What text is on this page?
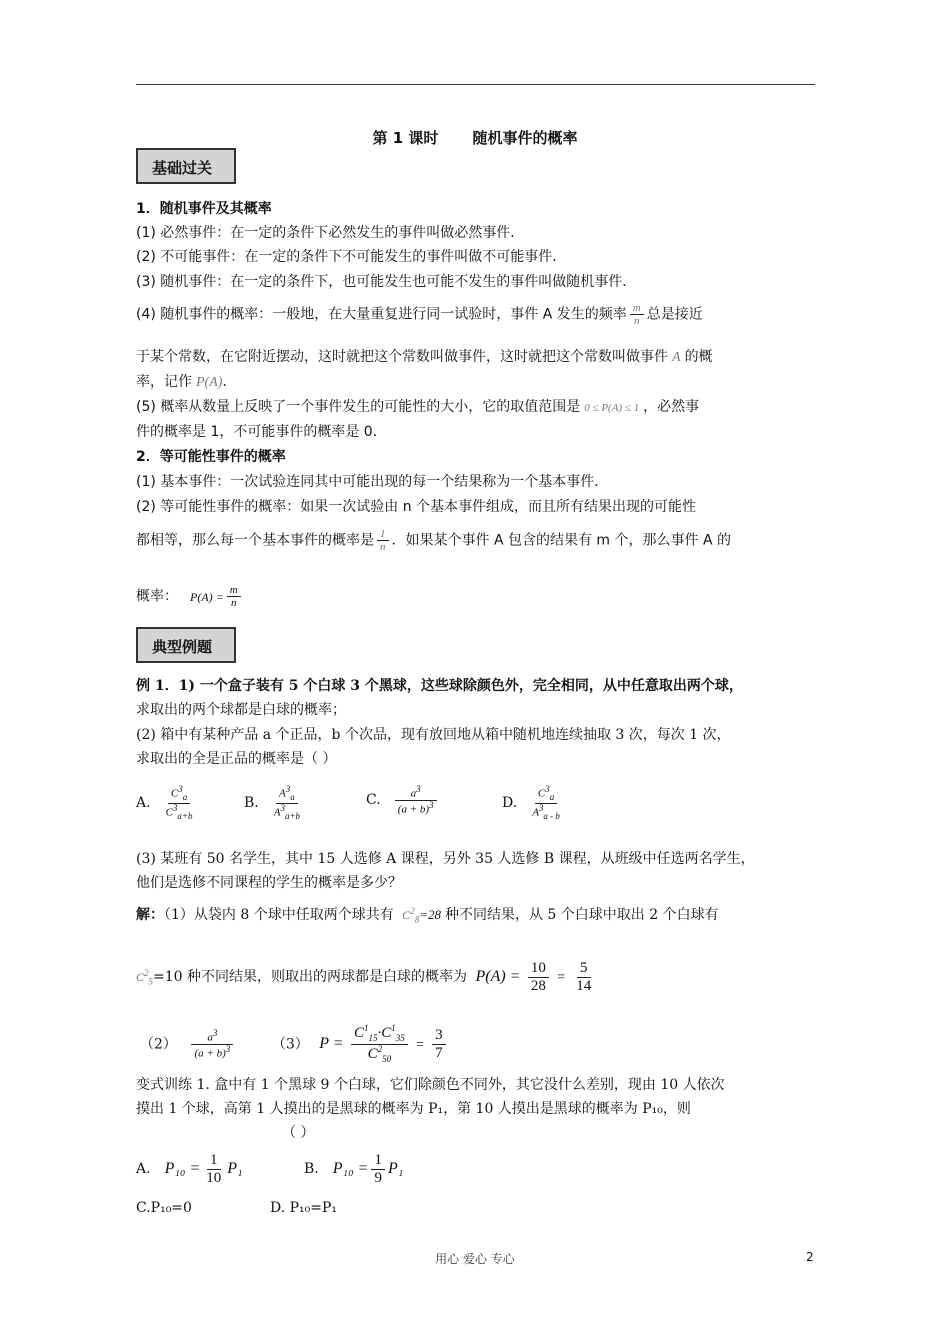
第 1 课时 随机事件的概率
基础过关
1．随机事件及其概率
(1) 必然事件：在一定的条件下必然发生的事件叫做必然事件．
(2) 不可能事件：在一定的条件下不可能发生的事件叫做不可能事件．
(3) 随机事件：在一定的条件下，也可能发生也可能不发生的事件叫做随机事件．
(4) 随机事件的概率：一般地，在大量重复进行同一试验时，事件 A 发生的频率 $\frac{m}{n}$ 总是接近
于某个常数，在它附近摆动，这时就把这个常数叫做事件，这时就把这个常数叫做事件 A 的概
率，记作 P(A)．
(5) 概率从数量上反映了一个事件发生的可能性的大小，它的取值范围是 0 ≤ P(A) ≤ 1 ，必然事
件的概率是 1，不可能事件的概率是 0．
2．等可能性事件的概率
(1) 基本事件：一次试验连同其中可能出现的每一个结果称为一个基本事件．
(2) 等可能性事件的概率：如果一次试验由 n 个基本事件组成，而且所有结果出现的可能性
都相等，那么每一个基本事件的概率是 $\frac{1}{n}$ ．如果某个事件 A 包含的结果有 m 个，那么事件 A 的
概率： $P(A) = \frac{m}{n}$
典型例题
例 1．1) 一个盒子装有 5 个白球 3 个黑球，这些球除颜色外，完全相同，从中任意取出两个球，
求取出的两个球都是白球的概率；
(2) 箱中有某种产品 a 个正品，b 个次品，现有放回地从箱中随机地连续抽取 3 次，每次 1 次，
求取出的全是正品的概率是（ ）
A. $\frac{C^3_a}{C^3_{a+b}}$	B. $\frac{A^3_a}{A^3_{a+b}}$	C. $\frac{a^3}{(a + b)^3}$	D. $\frac{C^3_a}{A^3_{a - b}}$
(3) 某班有 50 名学生，其中 15 人选修 A 课程，另外 35 人选修 B 课程，从班级中任选两名学生，
他们是选修不同课程的学生的概率是多少？
解：（1）从袋内 8 个球中任取两个球共有 $C^2_8=28$ 种不同结果，从 5 个白球中取出 2 个白球有
$C^2_5=10$ 种不同结果，则取出的两球都是白球的概率为 $P(A) = \frac{10}{28} = \frac{5}{14}$
$(2) \frac{a^3}{(a + b)^3}$	（3） $P = \frac{C^1_{15}\cdot C^1_{35}}{C^2_{50}} = \frac{3}{7}$
变式训练 1. 盒中有 1 个黑球 9 个白球，它们除颜色不同外，其它没什么差别，现由 10 人依次
摸出 1 个球，高第 1 人摸出的是黑球的概率为 P₁，第 10 人摸出是黑球的概率为 P₁₀，则
（ ）
A. $P_{10} = \frac{1}{10} P_1$	B. $P_{10} = \frac{1}{9} P_1$
C.P₁₀=0	D. P₁₀=P₁
用心 爱心 专心	2
